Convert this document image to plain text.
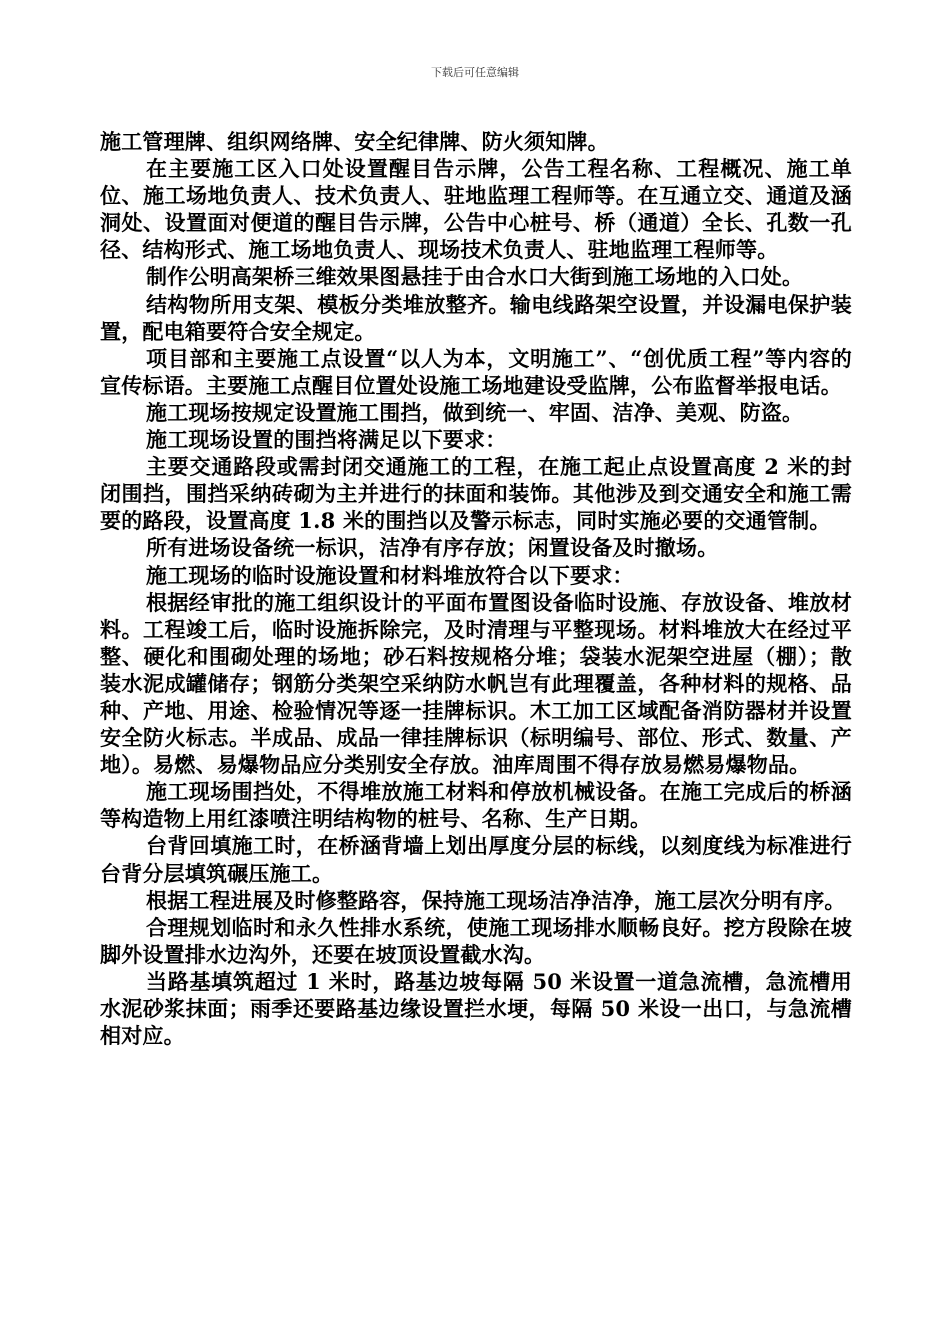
下载后可任意编辑

施工管理牌、组织网络牌、安全纪律牌、防火须知牌。

在主要施工区入口处设置醒目告示牌，公告工程名称、工程概况、施工单位、施工场地负责人、技术负责人、驻地监理工程师等。在互通立交、通道及涵洞处、设置面对便道的醒目告示牌，公告中心桩号、桥（通道）全长、孔数一孔径、结构形式、施工场地负责人、现场技术负责人、驻地监理工程师等。

制作公明高架桥三维效果图悬挂于由合水口大街到施工场地的入口处。

结构物所用支架、模板分类堆放整齐。输电线路架空设置，并设漏电保护装置，配电箱要符合安全规定。

项目部和主要施工点设置“以人为本，文明施工”、“创优质工程”等内容的宣传标语。主要施工点醒目位置处设施工场地建设受监牌，公布监督举报电话。

施工现场按规定设置施工围挡，做到统一、牢固、洁净、美观、防盗。

施工现场设置的围挡将满足以下要求：

主要交通路段或需封闭交通施工的工程，在施工起止点设置高度 2 米的封闭围挡，围挡采纳砖砌为主并进行的抹面和装饰。其他涉及到交通安全和施工需要的路段，设置高度 1.8 米的围挡以及警示标志，同时实施必要的交通管制。

所有进场设备统一标识，洁净有序存放；闲置设备及时撤场。

施工现场的临时设施设置和材料堆放符合以下要求：

根据经审批的施工组织设计的平面布置图设备临时设施、存放设备、堆放材料。工程竣工后，临时设施拆除完，及时清理与平整现场。材料堆放大在经过平整、硬化和围砌处理的场地；砂石料按规格分堆；袋装水泥架空进屋（棚）；散装水泥成罐储存；钢筋分类架空采纳防水帆岂有此理覆盖，各种材料的规格、品种、产地、用途、检验情况等逐一挂牌标识。木工加工区域配备消防器材并设置安全防火标志。半成品、成品一律挂牌标识（标明编号、部位、形式、数量、产地）。易燃、易爆物品应分类别安全存放。油库周围不得存放易燃易爆物品。

施工现场围挡处，不得堆放施工材料和停放机械设备。在施工完成后的桥涵等构造物上用红漆喷注明结构物的桩号、名称、生产日期。

台背回填施工时，在桥涵背墙上划出厚度分层的标线，以刻度线为标准进行台背分层填筑碾压施工。

根据工程进展及时修整路容，保持施工现场洁净洁净，施工层次分明有序。

合理规划临时和永久性排水系统，使施工现场排水顺畅良好。挖方段除在坡脚外设置排水边沟外，还要在坡顶设置截水沟。

当路基填筑超过 1 米时，路基边坡每隔 50 米设置一道急流槽，急流槽用水泥砂浆抹面；雨季还要路基边缘设置拦水埂，每隔 50 米设一出口，与急流槽相对应。
